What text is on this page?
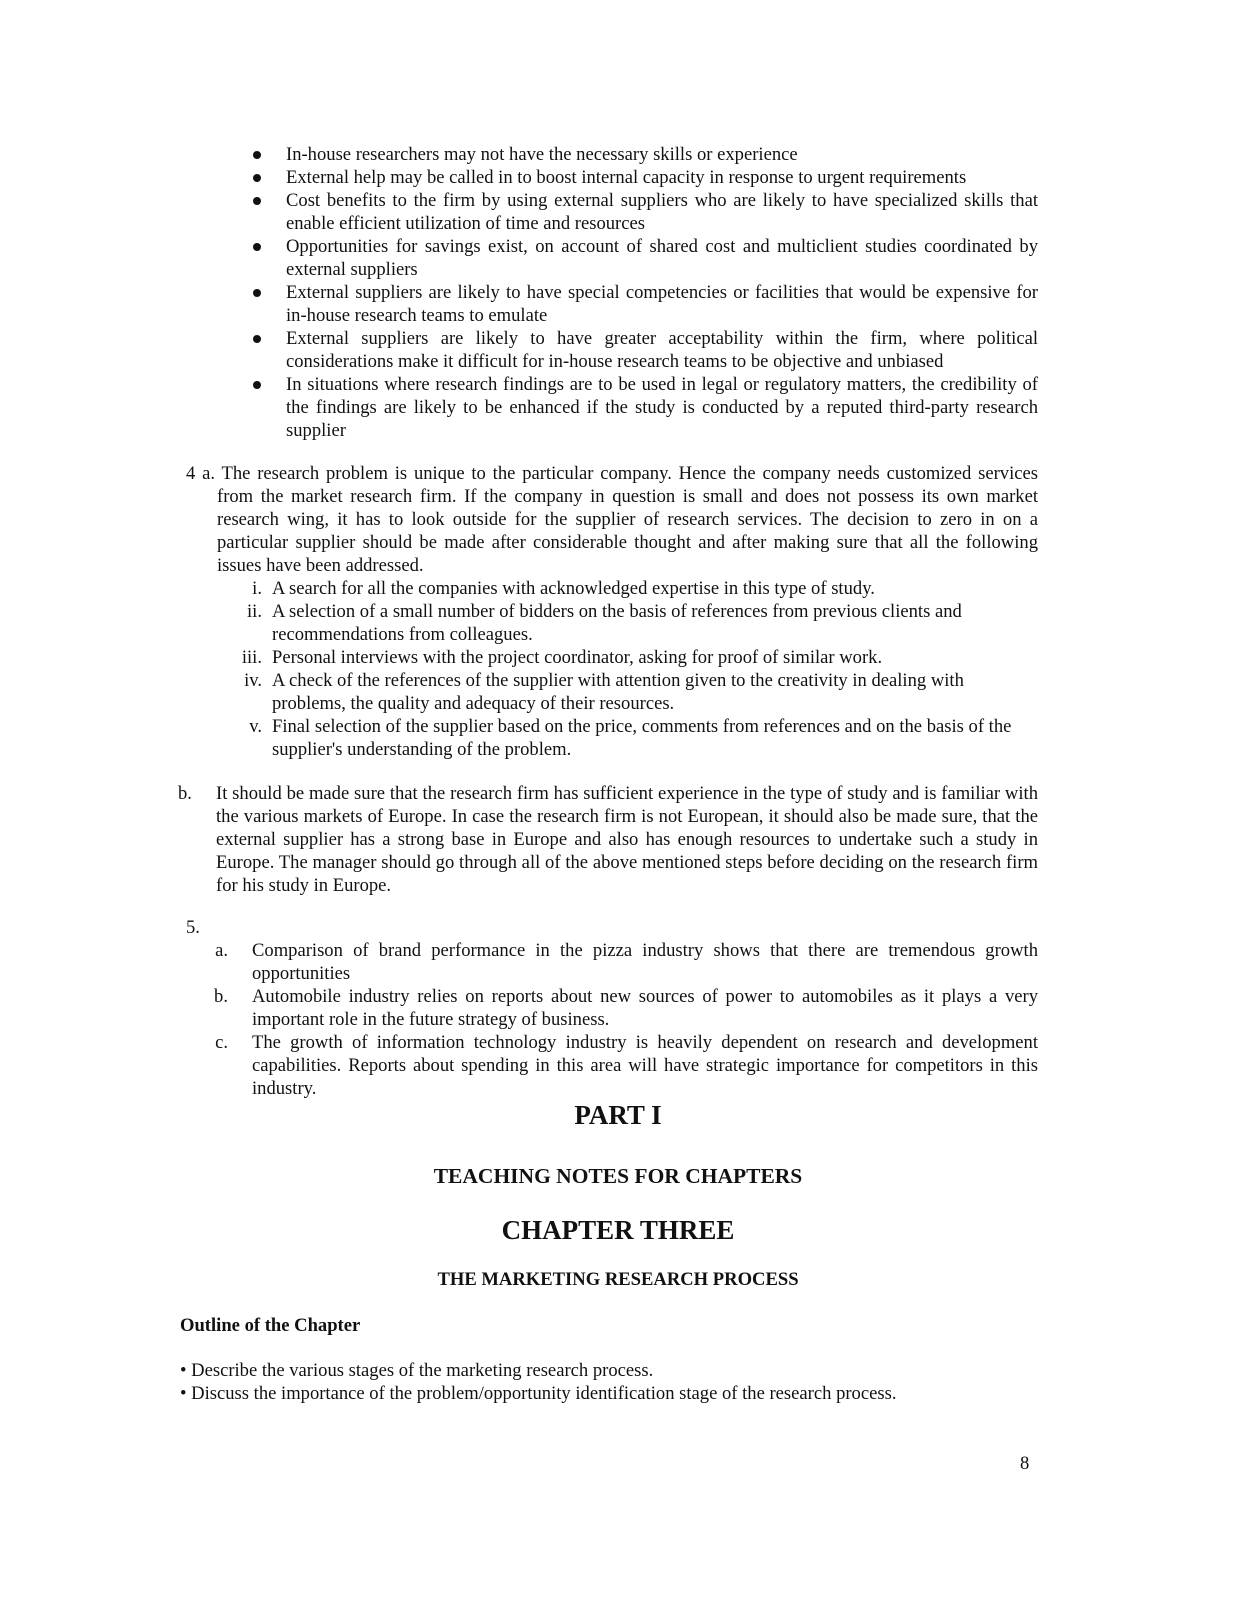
In-house researchers may not have the necessary skills or experience
External help may be called in to boost internal capacity in response to urgent requirements
Cost benefits to the firm by using external suppliers who are likely to have specialized skills that enable efficient utilization of time and resources
Opportunities for savings exist, on account of shared cost and multiclient studies coordinated by external suppliers
External suppliers are likely to have special competencies or facilities that would be expensive for in-house research teams to emulate
External suppliers are likely to have greater acceptability within the firm, where political considerations make it difficult for in-house research teams to be objective and unbiased
In situations where research findings are to be used in legal or regulatory matters, the credibility of the findings are likely to be enhanced if the study is conducted by a reputed third-party research supplier
4 a. The research problem is unique to the particular company. Hence the company needs customized services from the market research firm. If the company in question is small and does not possess its own market research wing, it has to look outside for the supplier of research services. The decision to zero in on a particular supplier should be made after considerable thought and after making sure that all the following issues have been addressed.
i. A search for all the companies with acknowledged expertise in this type of study.
ii. A selection of a small number of bidders on the basis of references from previous clients and recommendations from colleagues.
iii. Personal interviews with the project coordinator, asking for proof of similar work.
iv. A check of the references of the supplier with attention given to the creativity in dealing with problems, the quality and adequacy of their resources.
v. Final selection of the supplier based on the price, comments from references and on the basis of the supplier's understanding of the problem.
b. It should be made sure that the research firm has sufficient experience in the type of study and is familiar with the various markets of Europe. In case the research firm is not European, it should also be made sure, that the external supplier has a strong base in Europe and also has enough resources to undertake such a study in Europe. The manager should go through all of the above mentioned steps before deciding on the research firm for his study in Europe.
5.
a. Comparison of brand performance in the pizza industry shows that there are tremendous growth opportunities
b. Automobile industry relies on reports about new sources of power to automobiles as it plays a very important role in the future strategy of business.
c. The growth of information technology industry is heavily dependent on research and development capabilities. Reports about spending in this area will have strategic importance for competitors in this industry.
PART I
TEACHING NOTES FOR CHAPTERS
CHAPTER THREE
THE MARKETING RESEARCH PROCESS
Outline of the Chapter
• Describe the various stages of the marketing research process.
• Discuss the importance of the problem/opportunity identification stage of the research process.
8
